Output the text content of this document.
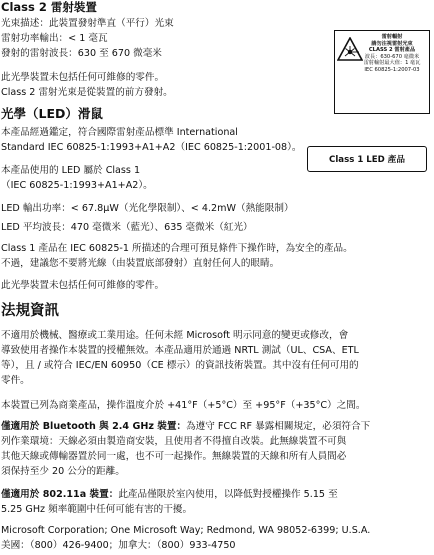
Class 2 雷射裝置
光束描述：此裝置發射準直（平行）光束
雷射功率輸出：< 1 毫瓦
發射的雷射波長：630 至 670 微毫米
此光學裝置未包括任何可維修的零件。
Class 2 雷射光束是從裝置的前方發射。
雷射輻射
請勿注視雷射光束
CLASS 2 雷射產品
波長：630-670 毫微米
雷射輸射最大值：1 毫瓦
IEC 60825-1:2007-03
光學（LED）滑鼠
本產品經過鑑定，符合國際雷射產品標準 International
Standard IEC 60825-1:1993+A1+A2（IEC 60825-1:2001-08）。
本產品使用的 LED 屬於 Class 1
（IEC 60825-1:1993+A1+A2）。
Class 1 LED 產品
LED 輸出功率：< 67.8μW（光化學限制）、< 4.2mW（熱能限制）
LED 平均波長：470 毫微米（藍光）、635 毫微米（紅光）
Class 1 產品在 IEC 60825-1 所描述的合理可預見條件下操作時，為安全的產品。
不過，建議您不要將光線（由裝置底部發射）直射任何人的眼睛。
此光學裝置未包括任何可維修的零件。
法規資訊
不適用於機械、醫療或工業用途。任何未經 Microsoft 明示同意的變更或修改，會
導致使用者操作本裝置的授權無效。本產品適用於通過 NRTL 測試（UL、CSA、ETL
等），且 / 或符合 IEC/EN 60950（CE 標示）的資訊技術裝置。其中沒有任何可用的
零件。
本裝置已列為商業產品，操作溫度介於 +41°F（+5°C）至 +95°F（+35°C）之間。
僅適用於 Bluetooth 與 2.4 GHz 裝置：為遵守 FCC RF 暴露相關規定，必須符合下
列作業環境：天線必須由製造商安裝，且使用者不得擅自改裝。此無線裝置不可與
其他天線或傳輸器置於同一處，也不可一起操作。無線裝置的天線和所有人員間必
須保持至少 20 公分的距離。
僅適用於 802.11a 裝置：此產品僅限於室內使用，以降低對授權操作 5.15 至
5.25 GHz 頻率範圍中任何可能有害的干擾。
Microsoft Corporation; One Microsoft Way; Redmond, WA 98052-6399; U.S.A.
美國：（800）426-9400；加拿大：（800）933-4750
